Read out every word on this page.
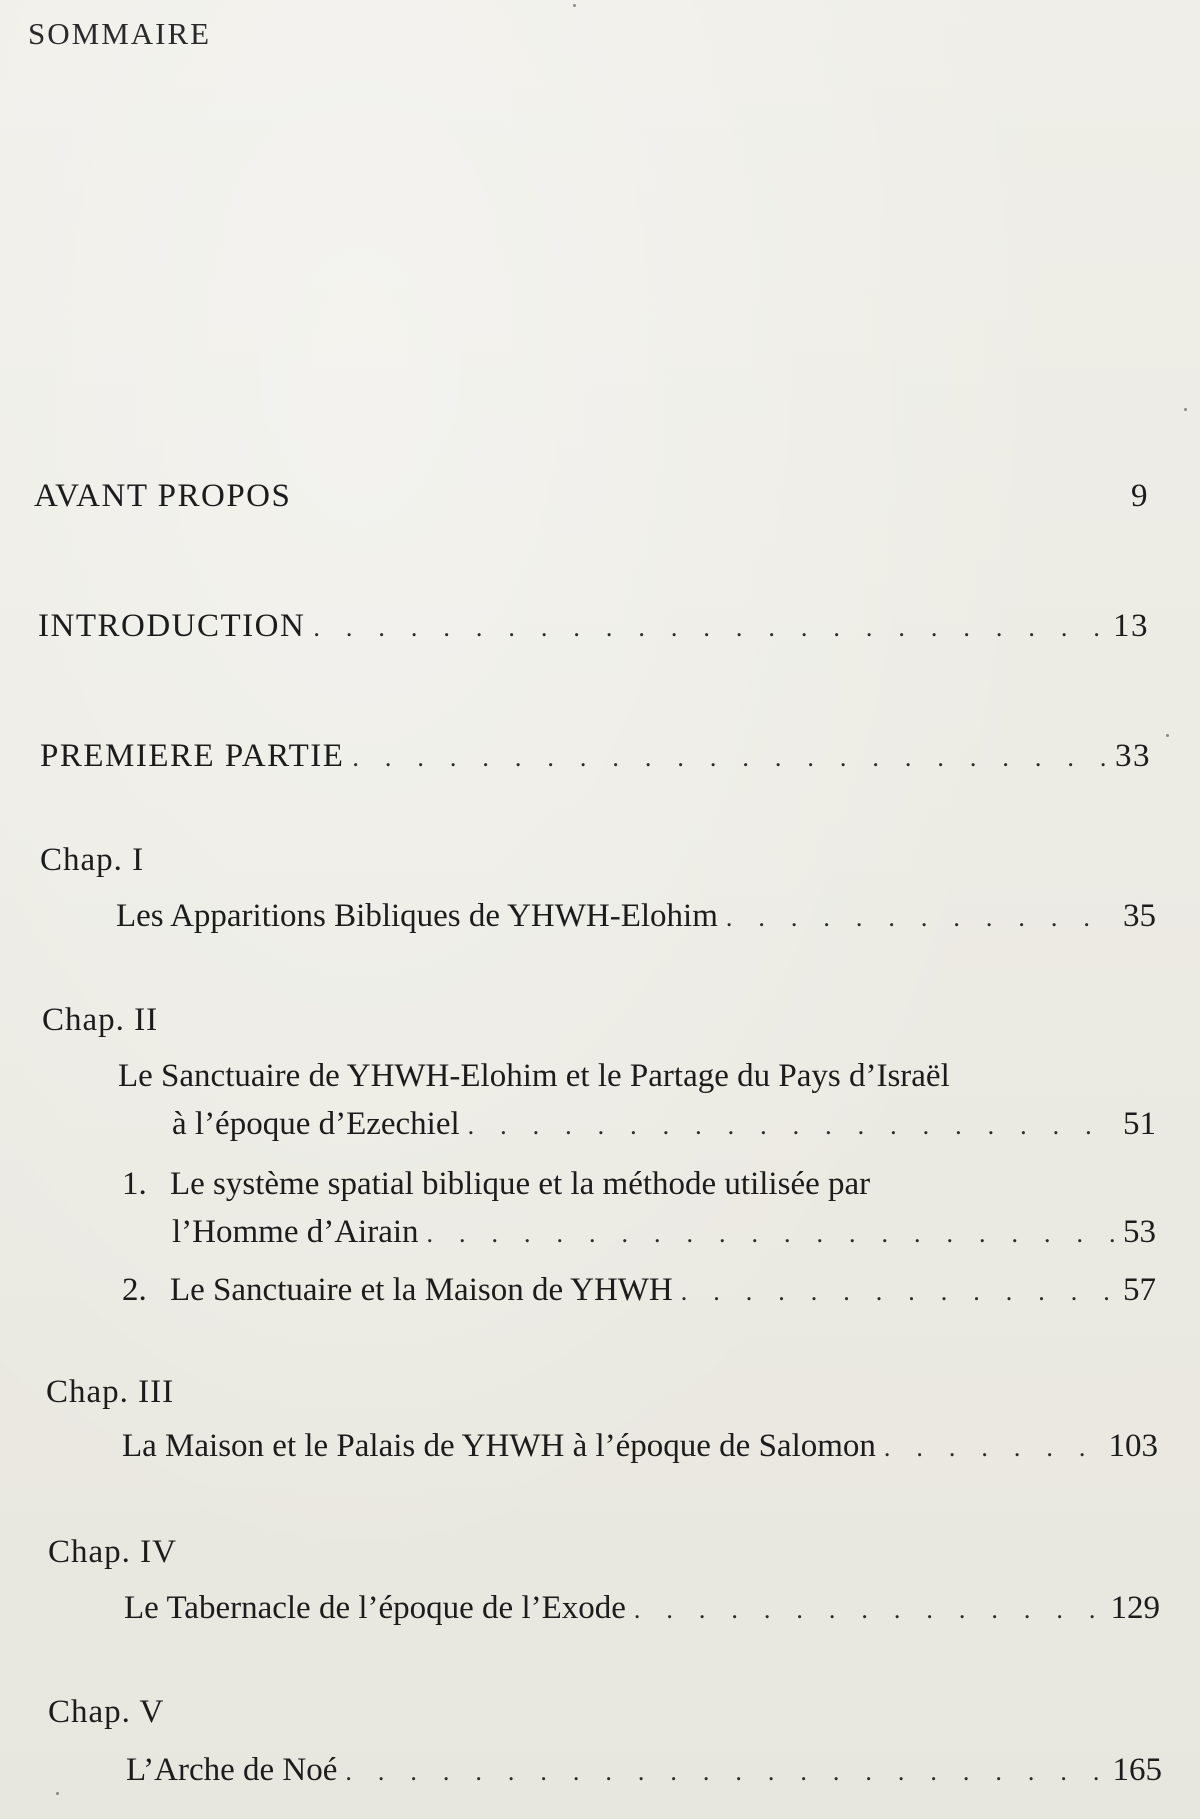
SOMMAIRE
AVANT PROPOS	9
INTRODUCTION . . .	13
PREMIERE PARTIE . . .	33
Chap. I
Les Apparitions Bibliques de YHWH-Elohim . . .	35
Chap. II
Le Sanctuaire de YHWH-Elohim et le Partage du Pays d’Israël
à l’époque d’Ezechiel . . .	51
1. Le système spatial biblique et la méthode utilisée par
l’Homme d’Airain . . .	53
2. Le Sanctuaire et la Maison de YHWH . . .	57
Chap. III
La Maison et le Palais de YHWH à l’époque de Salomon . . .	103
Chap. IV
Le Tabernacle de l’époque de l’Exode . . .	129
Chap. V
L’Arche de Noé . . .	165
